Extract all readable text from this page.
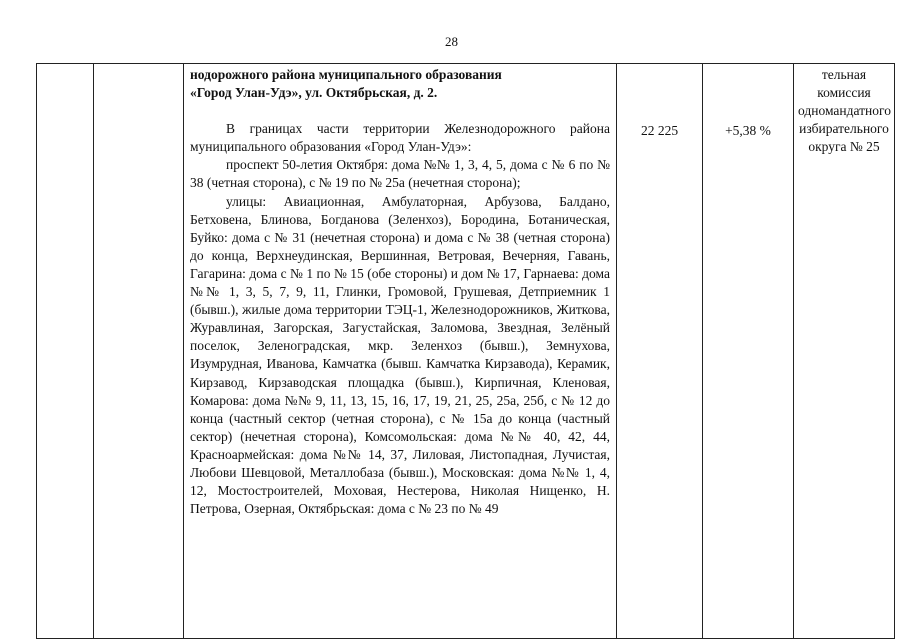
28

нодорожного района муниципального образования

«Город Улан-Удэ», ул. Октябрьская, д. 2.

В границах части территории Железнодорожного района муниципального образования «Город Улан-Удэ»:

проспект 50-летия Октября: дома №№ 1, 3, 4, 5, дома с № 6 по № 38 (четная сторона), с № 19 по № 25а (нечетная сторона);

улицы: Авиационная, Амбулаторная, Арбузова, Балдано, Бетховена, Блинова, Богданова (Зеленхоз), Бородина, Ботаническая, Буйко: дома с № 31 (нечетная сторона) и дома с № 38 (четная сторона) до конца, Верхнеудинская, Вершинная, Ветровая, Вечерняя, Гавань, Гагарина: дома с № 1 по № 15 (обе стороны) и дом № 17, Гарнаева: дома №№ 1, 3, 5, 7, 9, 11, Глинки, Громовой, Грушевая, Детприемник 1 (бывш.), жилые дома территории ТЭЦ-1, Железнодорожников, Житкова, Журавлиная, Загорская, Загустайская, Заломова, Звездная, Зелёный поселок, Зеленоградская, мкр. Зеленхоз (бывш.), Земнухова, Изумрудная, Иванова, Камчатка (бывш. Камчатка Кирзавода), Керамик, Кирзавод, Кирзаводская площадка (бывш.), Кирпичная, Кленовая, Комарова: дома №№ 9, 11, 13, 15, 16, 17, 19, 21, 25, 25а, 25б, с № 12 до конца (частный сектор (четная сторона), с № 15а до конца (частный сектор) (нечетная сторона), Комсомольская: дома №№ 40, 42, 44, Красноармейская: дома №№ 14, 37, Лиловая, Листопадная, Лучистая, Любови Шевцовой, Металлобаза (бывш.), Московская: дома №№ 1, 4, 12, Мостостроителей, Моховая, Нестерова, Николая Нищенко, Н. Петрова, Озерная, Октябрьская: дома с № 23 по № 49

	22 225	+5,38 %	тельная комиссия одномандатного избирательного округа № 25
